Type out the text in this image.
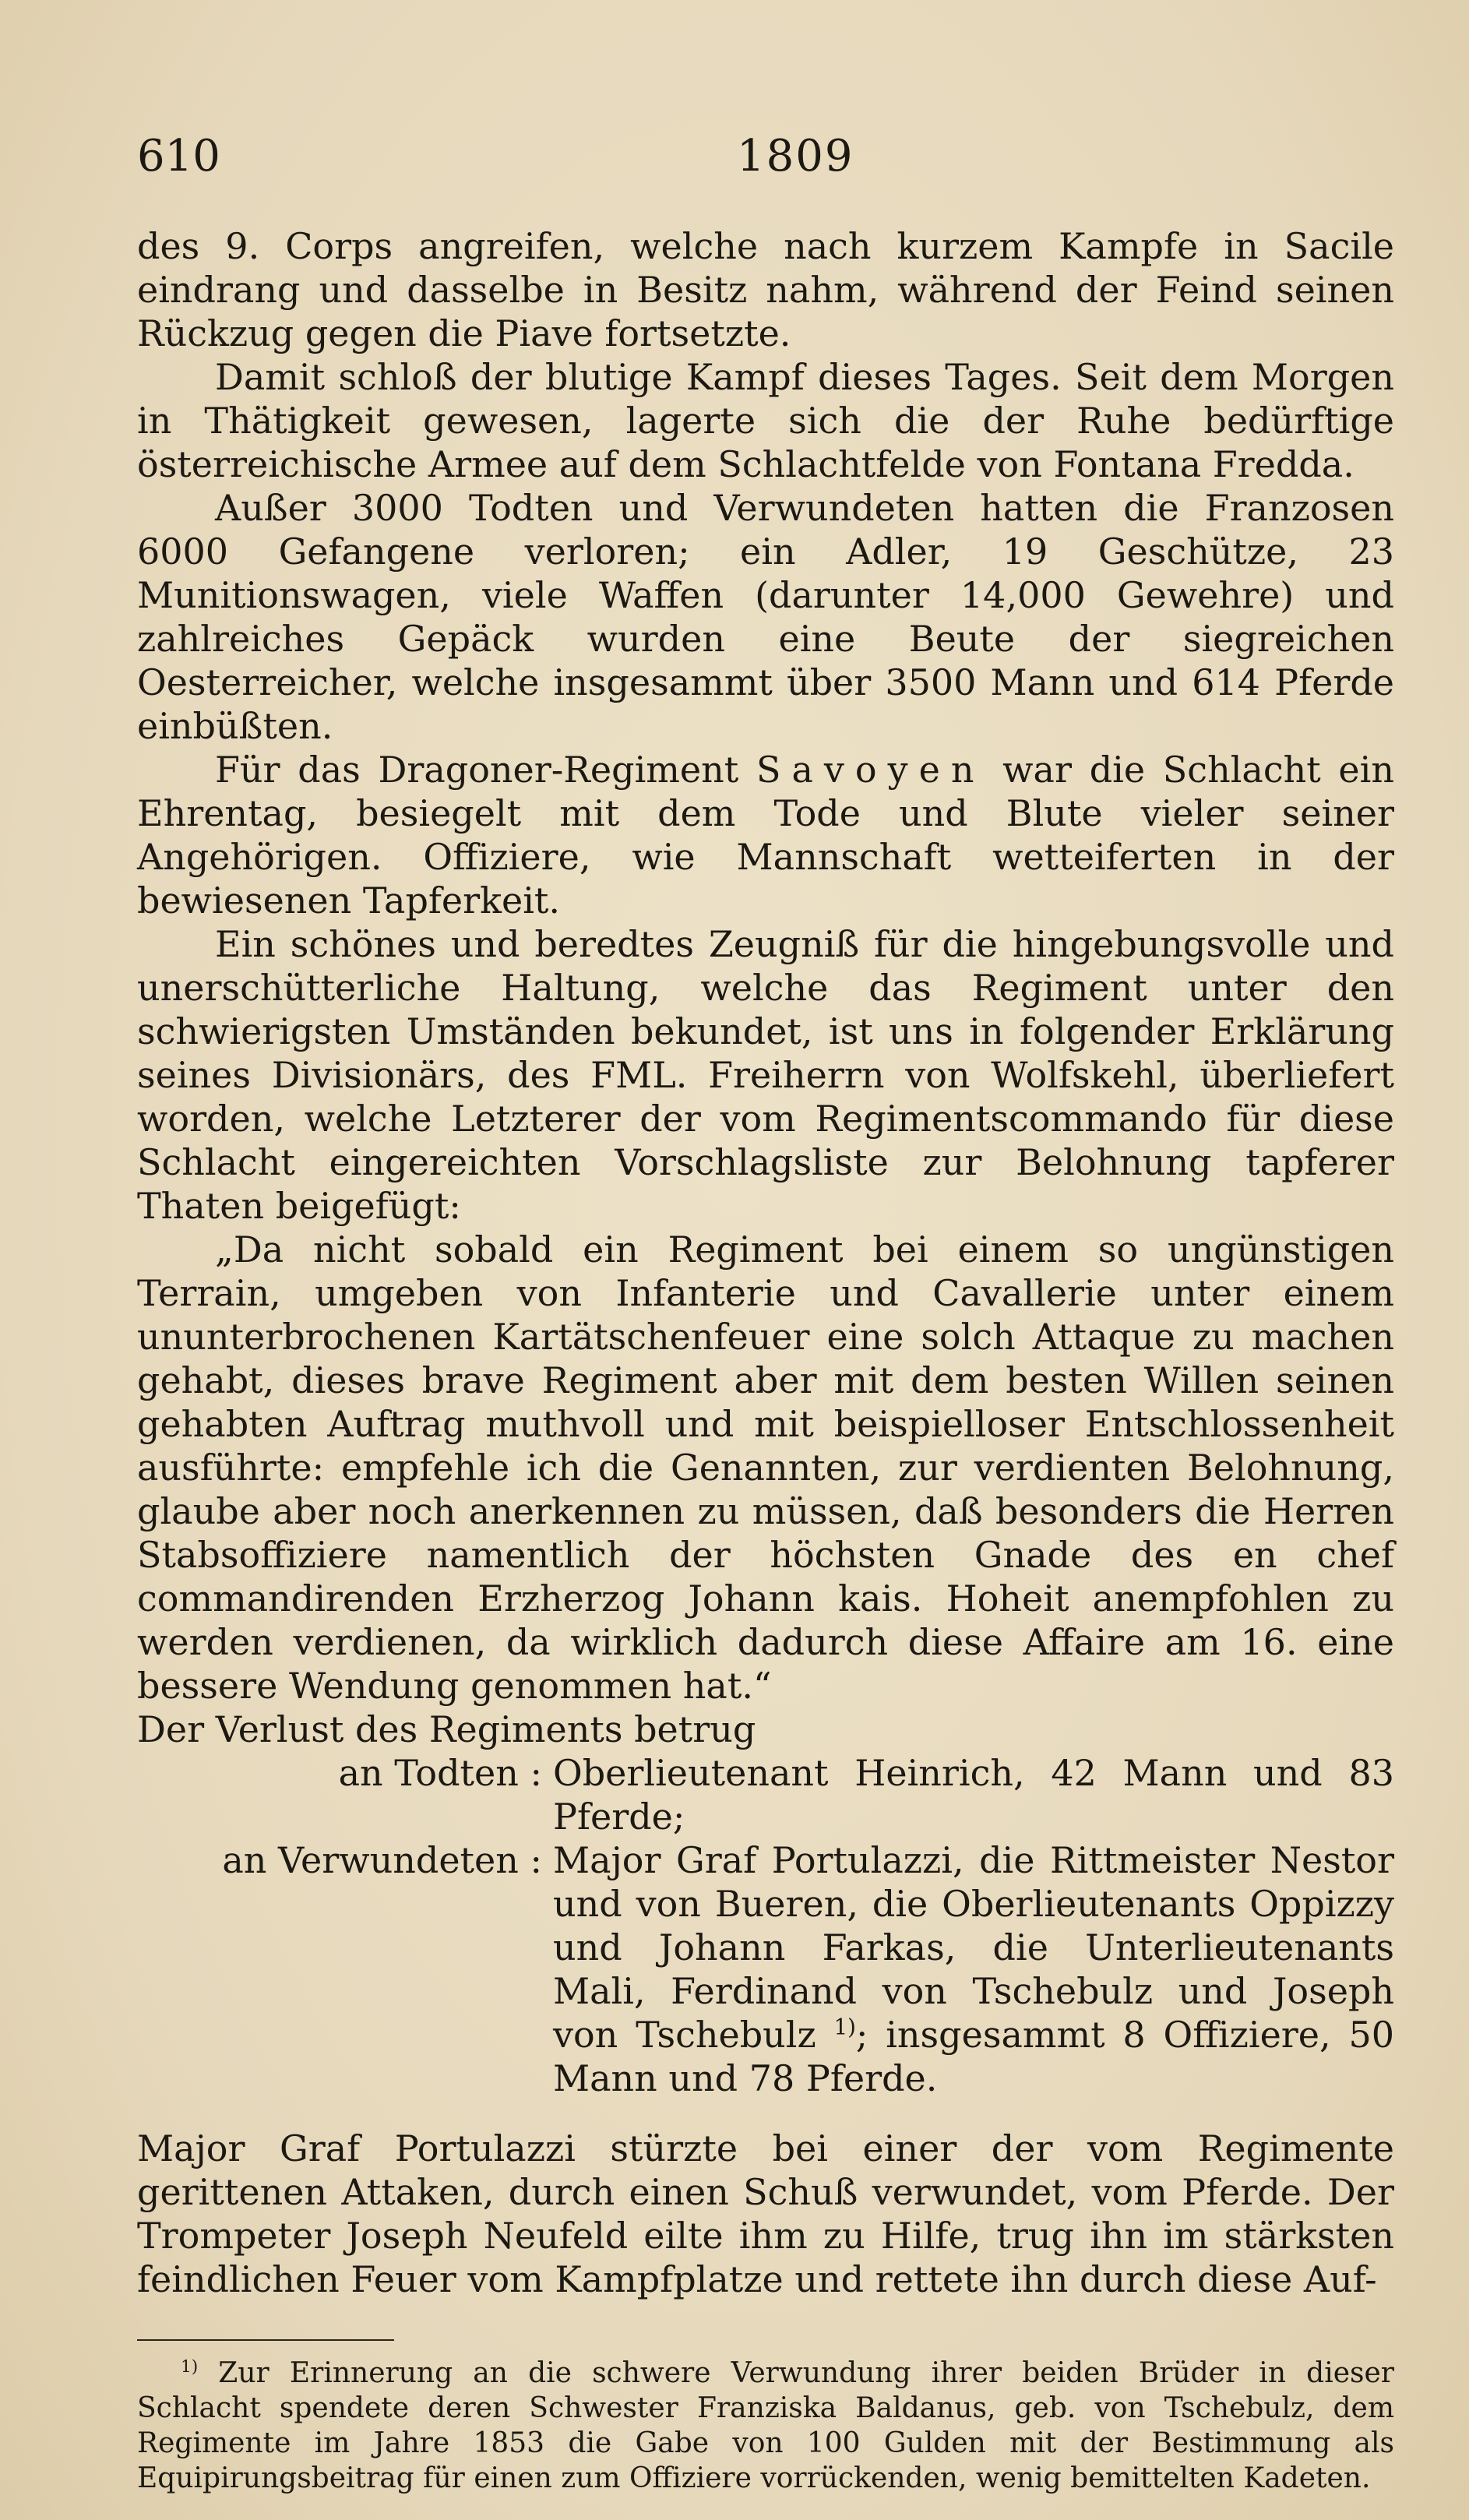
610	1809

des 9. Corps angreifen, welche nach kurzem Kampfe in Sacile eindrang und dasselbe in Besitz nahm, während der Feind seinen Rückzug gegen die Piave fortsetzte.

Damit schloß der blutige Kampf dieses Tages. Seit dem Morgen in Thätigkeit gewesen, lagerte sich die der Ruhe bedürftige österreichische Armee auf dem Schlachtfelde von Fontana Fredda.

Außer 3000 Todten und Verwundeten hatten die Franzosen 6000 Gefangene verloren; ein Adler, 19 Geschütze, 23 Munitionswagen, viele Waffen (darunter 14,000 Gewehre) und zahlreiches Gepäck wurden eine Beute der siegreichen Oesterreicher, welche insgesammt über 3500 Mann und 614 Pferde einbüßten.

Für das Dragoner-Regiment Savoyen war die Schlacht ein Ehrentag, besiegelt mit dem Tode und Blute vieler seiner Angehörigen. Offiziere, wie Mannschaft wetteiferten in der bewiesenen Tapferkeit.

Ein schönes und beredtes Zeugniß für die hingebungsvolle und unerschütterliche Haltung, welche das Regiment unter den schwierigsten Umständen bekundet, ist uns in folgender Erklärung seines Divisionärs, des FML. Freiherrn von Wolfskehl, überliefert worden, welche Letzterer der vom Regimentscommando für diese Schlacht eingereichten Vorschlagsliste zur Belohnung tapferer Thaten beigefügt:

„Da nicht sobald ein Regiment bei einem so ungünstigen Terrain, umgeben von Infanterie und Cavallerie unter einem ununterbrochenen Kartätschenfeuer eine solch Attaque zu machen gehabt, dieses brave Regiment aber mit dem besten Willen seinen gehabten Auftrag muthvoll und mit beispielloser Entschlossenheit ausführte: empfehle ich die Genannten, zur verdienten Belohnung, glaube aber noch anerkennen zu müssen, daß besonders die Herren Stabsoffiziere namentlich der höchsten Gnade des en chef commandirenden Erzherzog Johann kais. Hoheit anempfohlen zu werden verdienen, da wirklich dadurch diese Affaire am 16. eine bessere Wendung genommen hat.“

Der Verlust des Regiments betrug

an Todten : Oberlieutenant Heinrich, 42 Mann und 83 Pferde;
an Verwundeten : Major Graf Portulazzi, die Rittmeister Nestor und von Bueren, die Oberlieutenants Oppizzy und Johann Farkas, die Unterlieutenants Mali, Ferdinand von Tschebulz und Joseph von Tschebulz $^{1)}$; insgesammt 8 Offiziere, 50 Mann und 78 Pferde.

Major Graf Portulazzi stürzte bei einer der vom Regimente gerittenen Attaken, durch einen Schuß verwundet, vom Pferde. Der Trompeter Joseph Neufeld eilte ihm zu Hilfe, trug ihn im stärksten feindlichen Feuer vom Kampfplatze und rettete ihn durch diese Auf-

$^{1)}$ Zur Erinnerung an die schwere Verwundung ihrer beiden Brüder in dieser Schlacht spendete deren Schwester Franziska Baldanus, geb. von Tschebulz, dem Regimente im Jahre 1853 die Gabe von 100 Gulden mit der Bestimmung als Equipirungsbeitrag für einen zum Offiziere vorrückenden, wenig bemittelten Kadeten.
